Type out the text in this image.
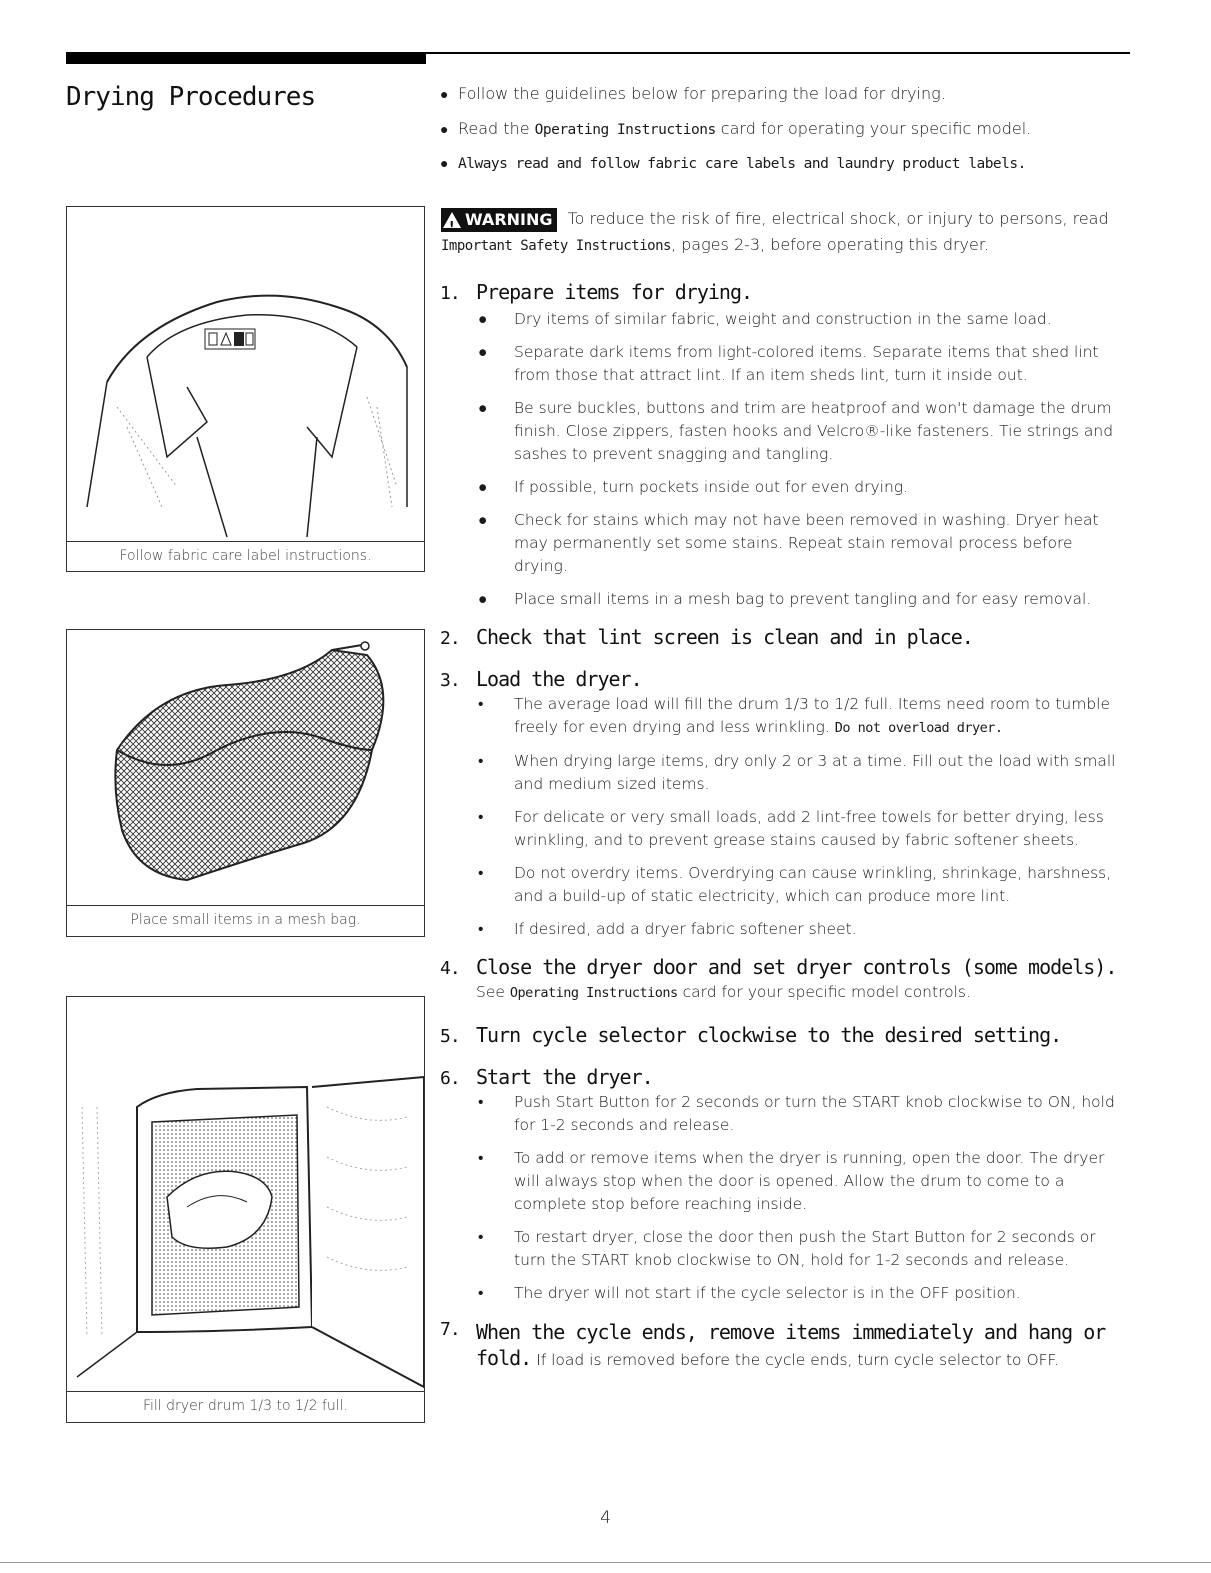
Drying Procedures	● Follow the guidelines below for preparing the load for drying.
● Read the Operating Instructions card for operating your specific model.
● Always read and follow fabric care labels and laundry product labels.
Follow fabric care label instructions.
Place small items in a mesh bag.
Fill dryer drum 1/3 to 1/2 full.
!
WARNING To reduce the risk of fire, electrical shock, or injury to persons, read Important Safety Instructions, pages 2-3, before operating this dryer.
1. Prepare items for drying.
●	Dry items of similar fabric, weight and construction in the same load.
●	Separate dark items from light-colored items. Separate items that shed lint from those that attract lint. If an item sheds lint, turn it inside out.
●	Be sure buckles, buttons and trim are heatproof and won't damage the drum finish. Close zippers, fasten hooks and Velcro®-like fasteners. Tie strings and sashes to prevent snagging and tangling.
●	If possible, turn pockets inside out for even drying.
●	Check for stains which may not have been removed in washing. Dryer heat may permanently set some stains. Repeat stain removal process before drying.
●	Place small items in a mesh bag to prevent tangling and for easy removal.
2. Check that lint screen is clean and in place.
3. Load the dryer.
•	The average load will fill the drum 1/3 to 1/2 full. Items need room to tumble freely for even drying and less wrinkling. Do not overload dryer.
•	When drying large items, dry only 2 or 3 at a time. Fill out the load with small and medium sized items.
•	For delicate or very small loads, add 2 lint-free towels for better drying, less wrinkling, and to prevent grease stains caused by fabric softener sheets.
•	Do not overdry items. Overdrying can cause wrinkling, shrinkage, harshness, and a build-up of static electricity, which can produce more lint.
•	If desired, add a dryer fabric softener sheet.
4. Close the dryer door and set dryer controls (some models).
See Operating Instructions card for your specific model controls.
5. Turn cycle selector clockwise to the desired setting.
6. Start the dryer.
•	Push Start Button for 2 seconds or turn the START knob clockwise to ON, hold for 1-2 seconds and release.
•	To add or remove items when the dryer is running, open the door. The dryer will always stop when the door is opened. Allow the drum to come to a complete stop before reaching inside.
•	To restart dryer, close the door then push the Start Button for 2 seconds or turn the START knob clockwise to ON, hold for 1-2 seconds and release.
•	The dryer will not start if the cycle selector is in the OFF position.
7. When the cycle ends, remove items immediately and hang or fold. If load is removed before the cycle ends, turn cycle selector to OFF.
4
